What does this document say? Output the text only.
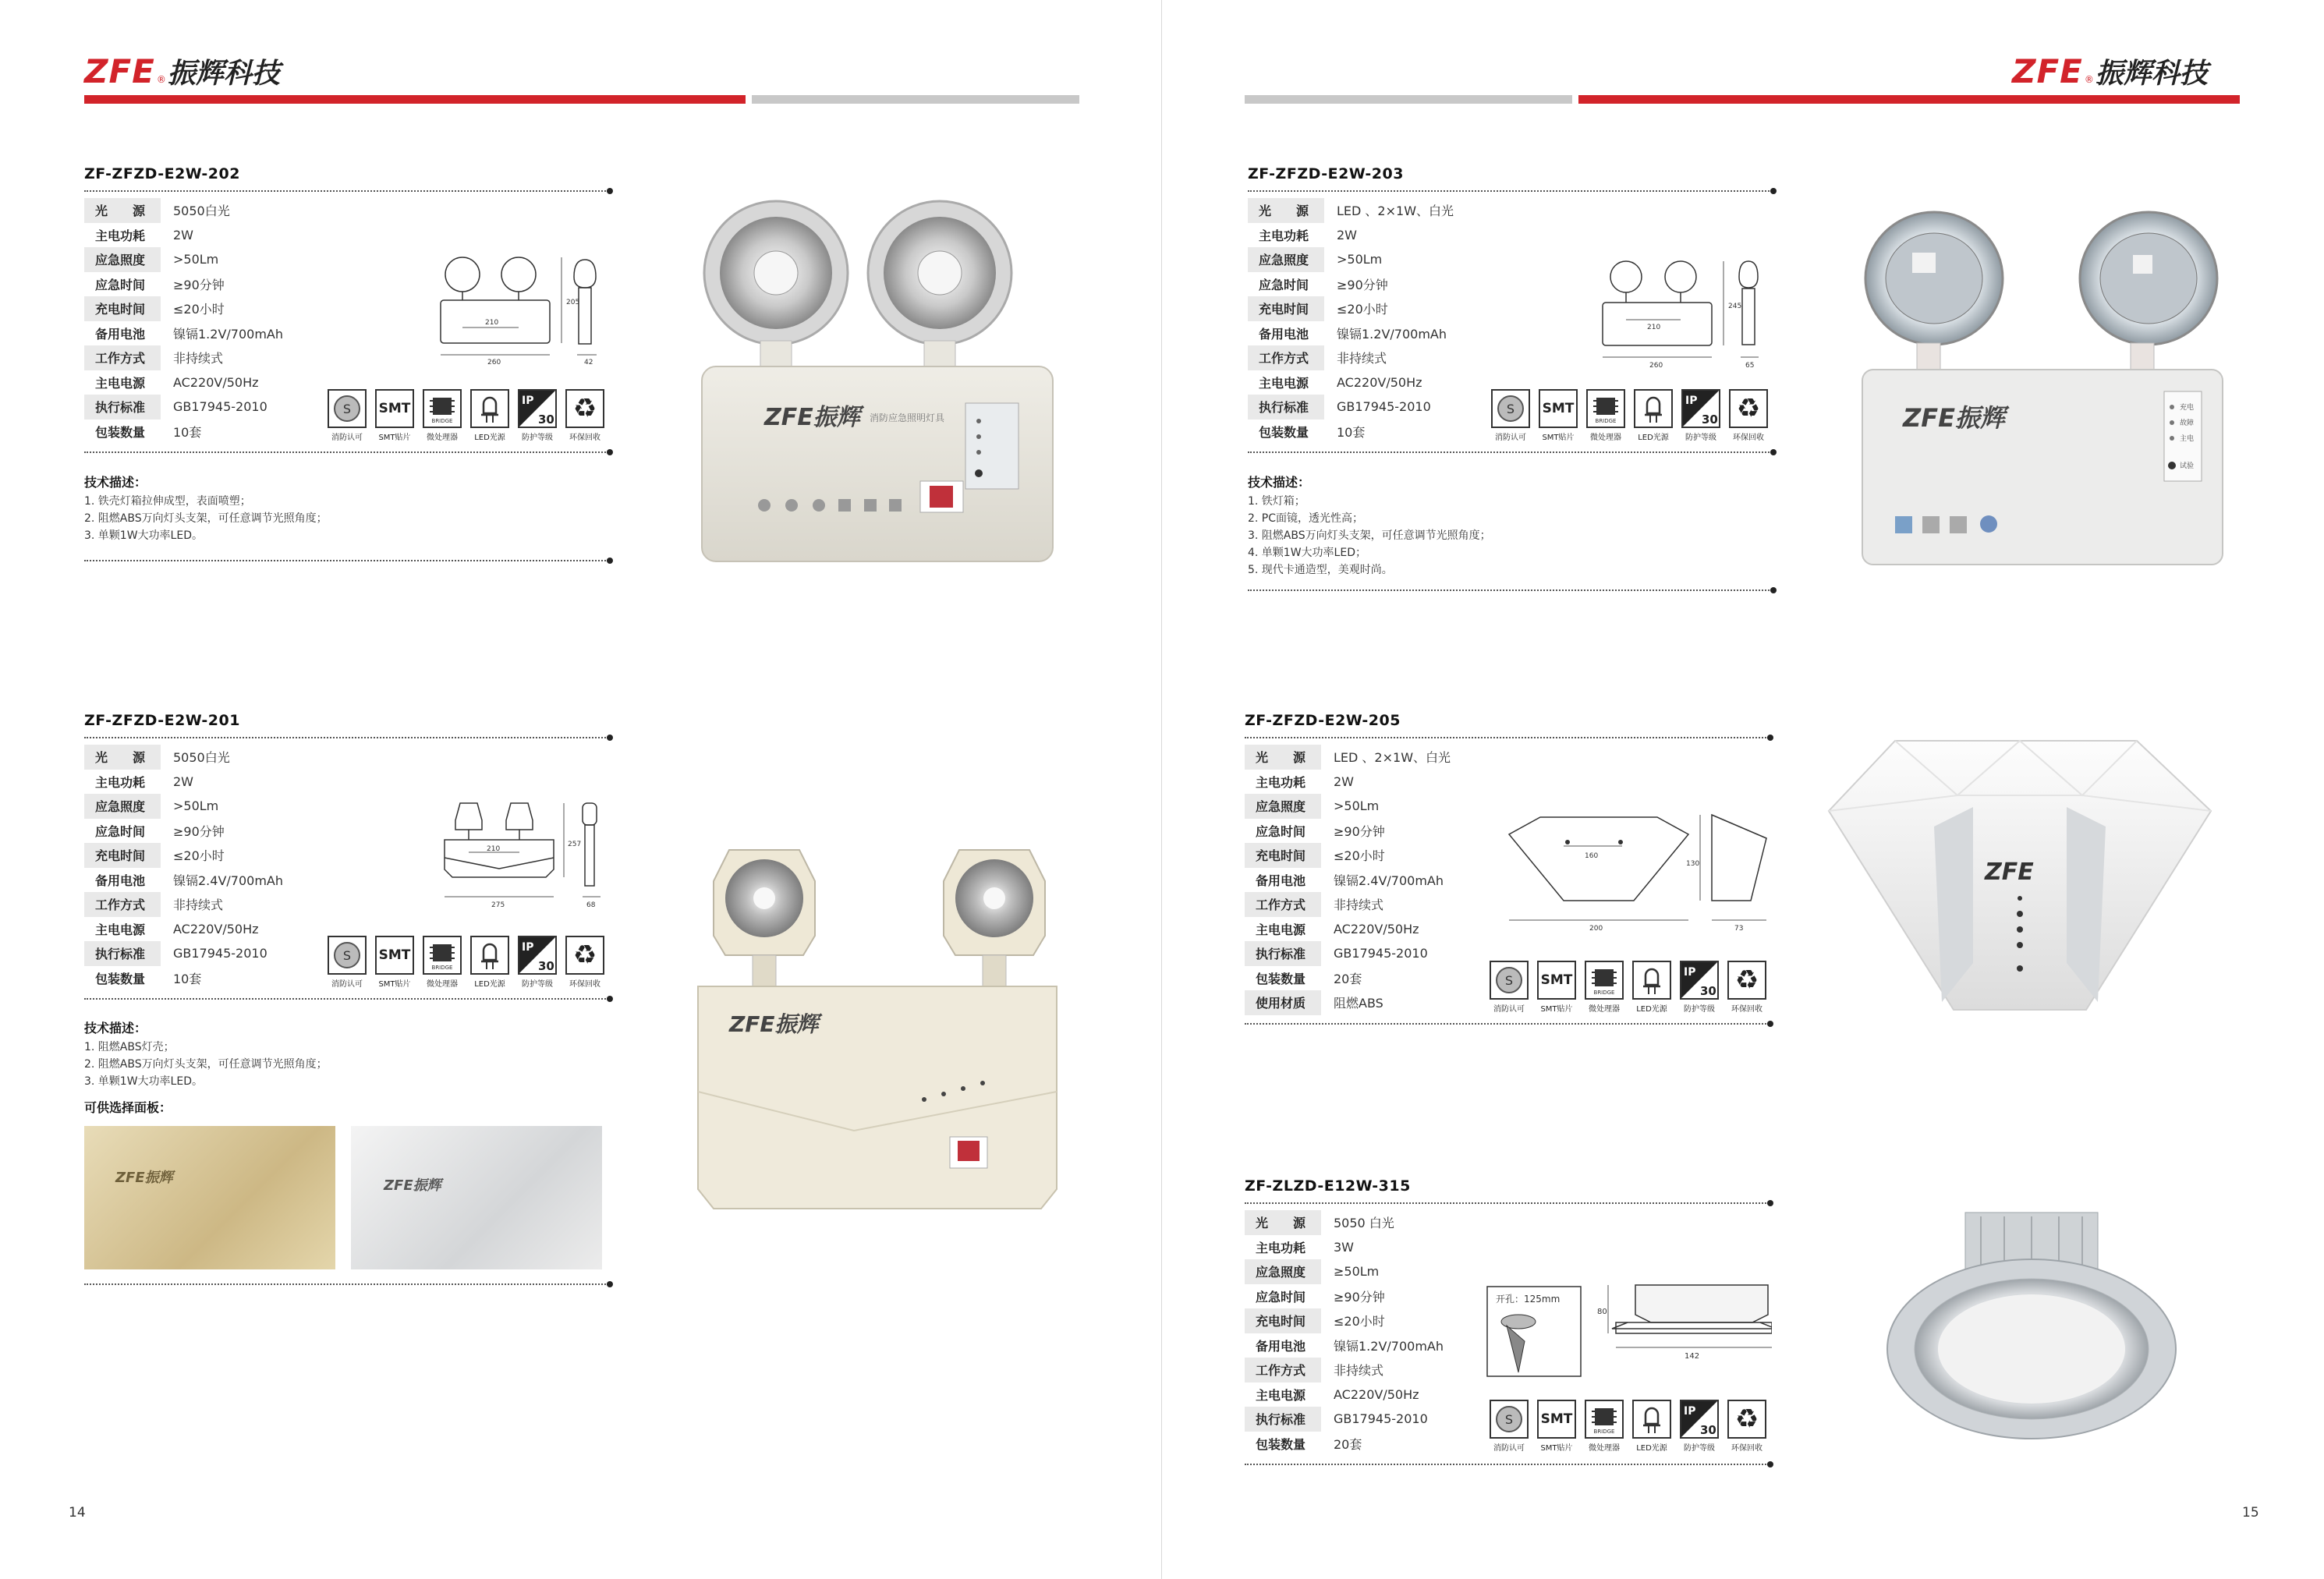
ZFE ® 振辉科技
ZF-ZFZD-E2W-202
光　　源	5050白光
主电功耗	2W
应急照度	>50Lm
应急时间	≥90分钟
充电时间	≤20小时
备用电池	镍镉1.2V/700mAh
工作方式	非持续式
主电电源	AC220V/50Hz
执行标准	GB17945-2010
包装数量	10套
260
210
205
42
S
消防认可
SMT
SMT贴片
BRIDGE
微处理器 LED光源
IP
30
防护等级
♻
环保回收
技术描述：
1. 铁壳灯箱拉伸成型，表面喷塑；
2. 阻燃ABS万向灯头支架，可任意调节光照角度；
3. 单颗1W大功率LED。
ZFE振辉	消防应急照明灯具
ZF-ZFZD-E2W-201
光　　源	5050白光
主电功耗	2W
应急照度	>50Lm
应急时间	≥90分钟
充电时间	≤20小时
备用电池	镍镉2.4V/700mAh
工作方式	非持续式
主电电源	AC220V/50Hz
执行标准	GB17945-2010
包装数量	10套
275
210
257
68
S
消防认可
SMT
SMT贴片
BRIDGE
微处理器 LED光源
IP
30
防护等级
♻
环保回收
技术描述：
1. 阻燃ABS灯壳；
2. 阻燃ABS万向灯头支架，可任意调节光照角度；
3. 单颗1W大功率LED。
可供选择面板：
ZFE振辉	ZFE振辉
ZFE振辉
14
ZFE ® 振辉科技
ZF-ZFZD-E2W-203
光　　源	LED 、2×1W、白光
主电功耗	2W
应急照度	>50Lm
应急时间	≥90分钟
充电时间	≤20小时
备用电池	镍镉1.2V/700mAh
工作方式	非持续式
主电电源	AC220V/50Hz
执行标准	GB17945-2010
包装数量	10套
260
210
245
65
S
消防认可
SMT
SMT贴片
BRIDGE
微处理器 LED光源
IP
30
防护等级
♻
环保回收
技术描述：
1. 铁灯箱；
2. PC面镜，透光性高；
3. 阻燃ABS万向灯头支架，可任意调节光照角度；
4. 单颗1W大功率LED；
5. 现代卡通造型，美观时尚。
ZFE振辉	充电
故障
主电
试验
ZF-ZFZD-E2W-205
光　　源	LED 、2×1W、白光
主电功耗	2W
应急照度	>50Lm
应急时间	≥90分钟
充电时间	≤20小时
备用电池	镍镉2.4V/700mAh
工作方式	非持续式
主电电源	AC220V/50Hz
执行标准	GB17945-2010
包装数量	20套
使用材质	阻燃ABS
200
160
130
73
S
消防认可
SMT
SMT贴片
BRIDGE
微处理器 LED光源
IP
30
防护等级
♻
环保回收
ZFE
ZF-ZLZD-E12W-315
光　　源	5050 白光
主电功耗	3W
应急照度	≥50Lm
应急时间	≥90分钟
充电时间	≤20小时
备用电池	镍镉1.2V/700mAh
工作方式	非持续式
主电电源	AC220V/50Hz
执行标准	GB17945-2010
包装数量	20套
开孔：125mm
80
142
S
消防认可
SMT
SMT贴片
BRIDGE
微处理器 LED光源
IP
30
防护等级
♻
环保回收
15
